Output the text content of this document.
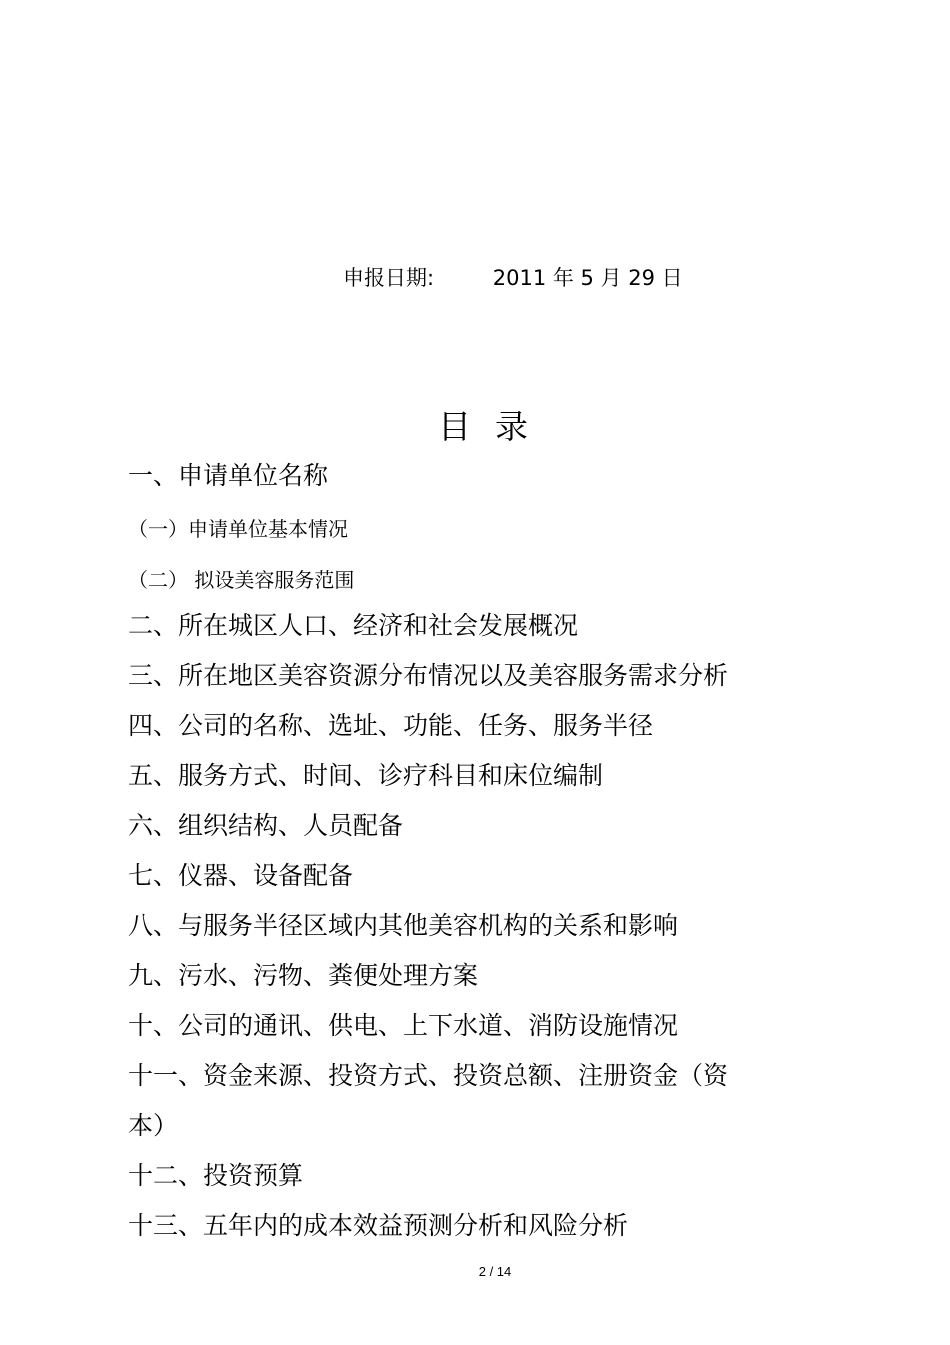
申报日期:	2011 年 5 月 29 日
目录
一、申请单位名称
（一）申请单位基本情况
（二） 拟设美容服务范围
二、所在城区人口、经济和社会发展概况
三、所在地区美容资源分布情况以及美容服务需求分析
四、公司的名称、选址、功能、任务、服务半径
五、服务方式、时间、诊疗科目和床位编制
六、组织结构、人员配备
七、仪器、设备配备
八、与服务半径区域内其他美容机构的关系和影响
九、污水、污物、粪便处理方案
十、公司的通讯、供电、上下水道、消防设施情况
十一、资金来源、投资方式、投资总额、注册资金（资
本）
十二、投资预算
十三、五年内的成本效益预测分析和风险分析
2 / 14
